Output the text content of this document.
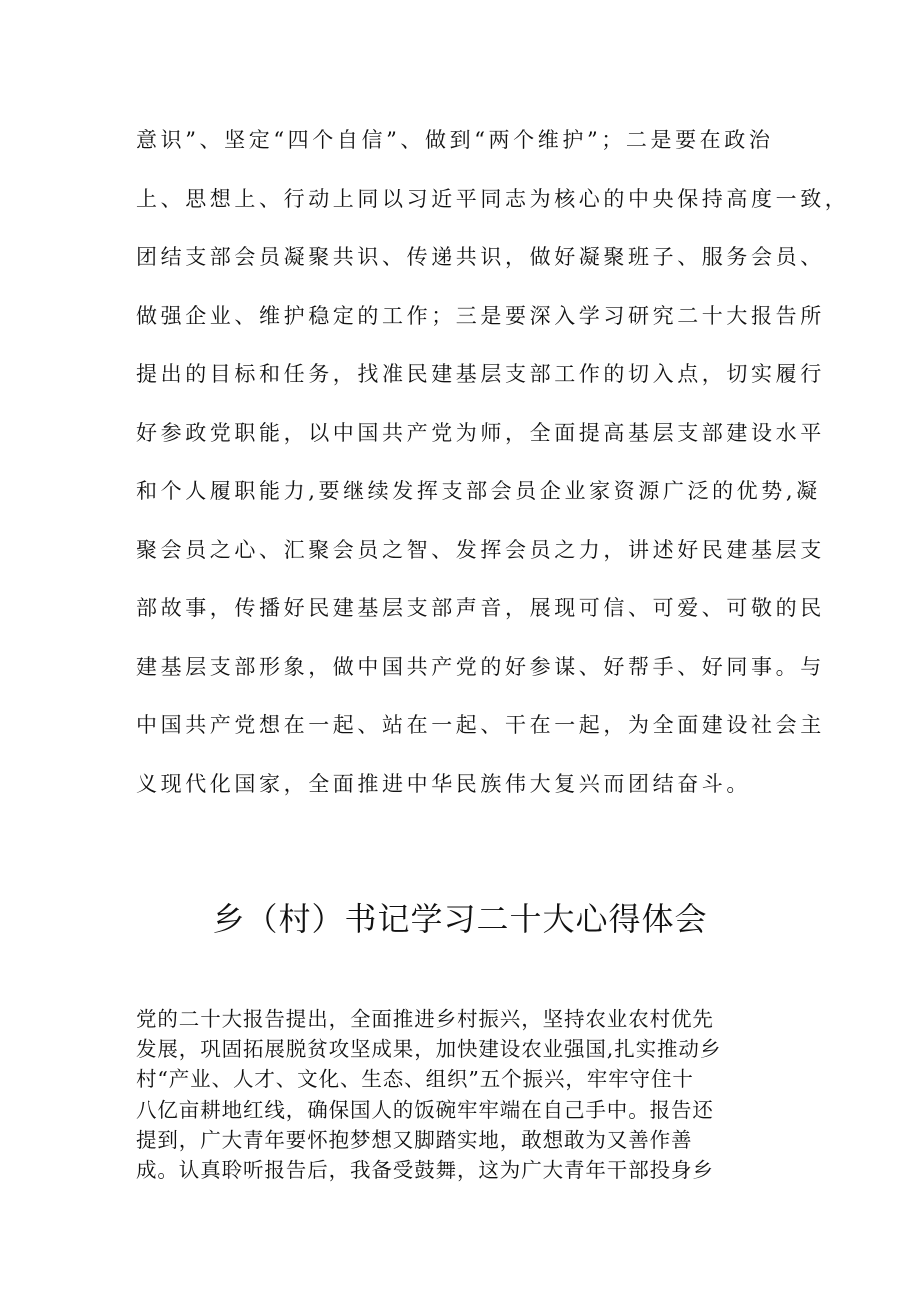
意识”、坚定“四个自信”、做到“两个维护”；二是要在政治
上、思想上、行动上同以习近平同志为核心的中央保持高度一致，
团结支部会员凝聚共识、传递共识，做好凝聚班子、服务会员、
做强企业、维护稳定的工作；三是要深入学习研究二十大报告所
提出的目标和任务，找准民建基层支部工作的切入点，切实履行
好参政党职能，以中国共产党为师，全面提高基层支部建设水平
和个人履职能力,要继续发挥支部会员企业家资源广泛的优势,凝
聚会员之心、汇聚会员之智、发挥会员之力，讲述好民建基层支
部故事，传播好民建基层支部声音，展现可信、可爱、可敬的民
建基层支部形象，做中国共产党的好参谋、好帮手、好同事。与
中国共产党想在一起、站在一起、干在一起，为全面建设社会主
义现代化国家，全面推进中华民族伟大复兴而团结奋斗。
乡（村）书记学习二十大心得体会
党的二十大报告提出，全面推进乡村振兴，坚持农业农村优先
发展，巩固拓展脱贫攻坚成果，加快建设农业强国,扎实推动乡
村“产业、人才、文化、生态、组织”五个振兴，牢牢守住十
八亿亩耕地红线，确保国人的饭碗牢牢端在自己手中。报告还
提到，广大青年要怀抱梦想又脚踏实地，敢想敢为又善作善
成。认真聆听报告后，我备受鼓舞，这为广大青年干部投身乡
